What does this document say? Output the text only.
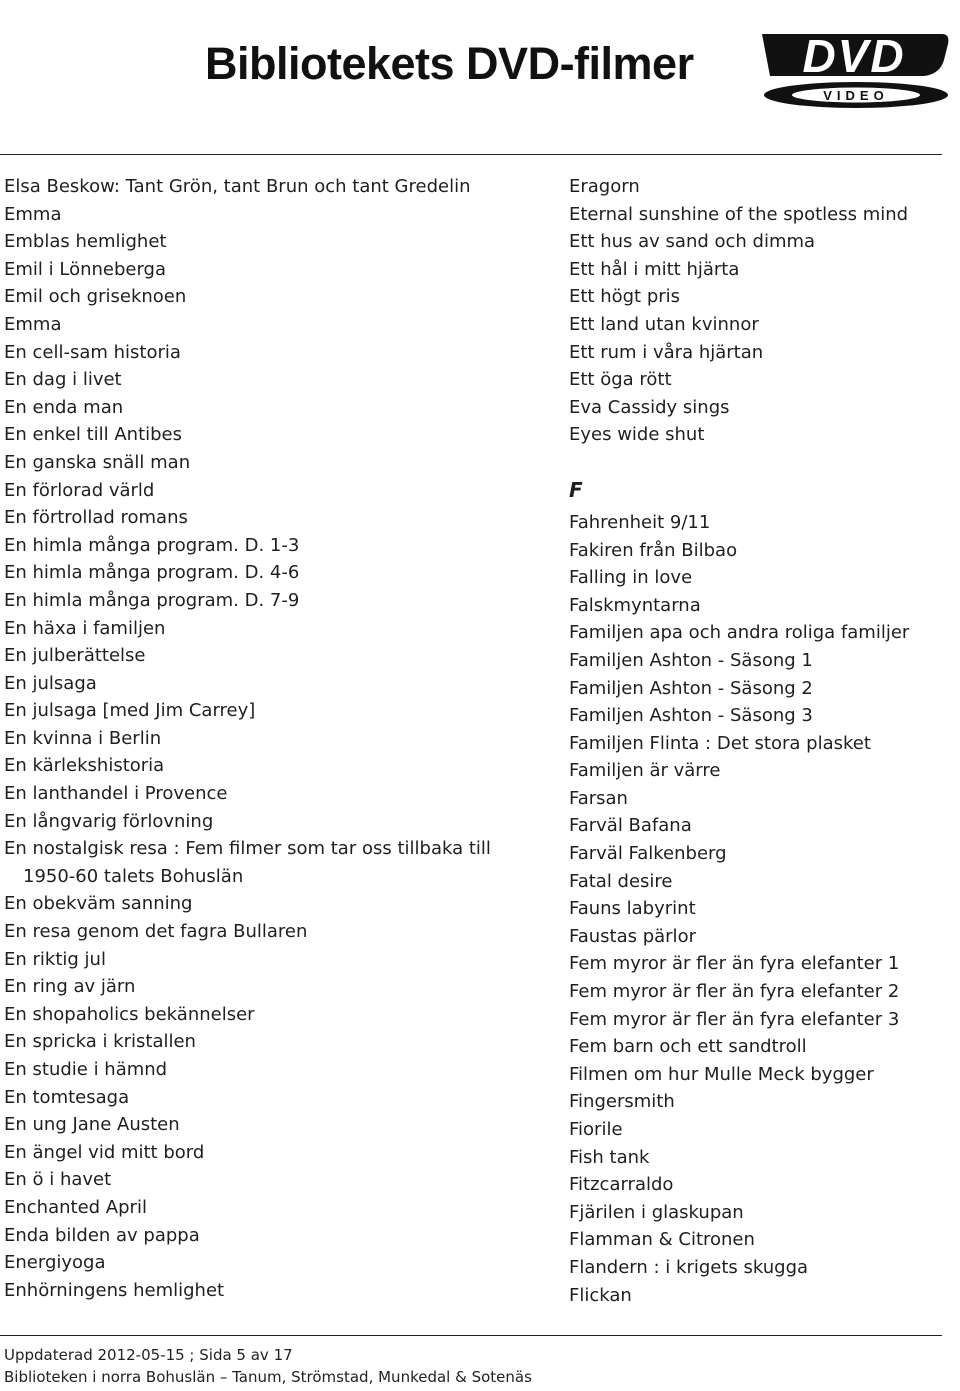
Bibliotekets DVD-filmer DVD
VIDEO
Elsa Beskow: Tant Grön, tant Brun och tant Gredelin
Emma
Emblas hemlighet
Emil i Lönneberga
Emil och griseknoen
Emma
En cell-sam historia
En dag i livet
En enda man
En enkel till Antibes
En ganska snäll man
En förlorad värld
En förtrollad romans
En himla många program. D. 1-3
En himla många program. D. 4-6
En himla många program. D. 7-9
En häxa i familjen
En julberättelse
En julsaga
En julsaga [med Jim Carrey]
En kvinna i Berlin
En kärlekshistoria
En lanthandel i Provence
En långvarig förlovning
En nostalgisk resa : Fem filmer som tar oss tillbaka till
1950-60 talets Bohuslän
En obekväm sanning
En resa genom det fagra Bullaren
En riktig jul
En ring av järn
En shopaholics bekännelser
En spricka i kristallen
En studie i hämnd
En tomtesaga
En ung Jane Austen
En ängel vid mitt bord
En ö i havet
Enchanted April
Enda bilden av pappa
Energiyoga
Enhörningens hemlighet
Eragorn
Eternal sunshine of the spotless mind
Ett hus av sand och dimma
Ett hål i mitt hjärta
Ett högt pris
Ett land utan kvinnor
Ett rum i våra hjärtan
Ett öga rött
Eva Cassidy sings
Eyes wide shut
F
Fahrenheit 9/11
Fakiren från Bilbao
Falling in love
Falskmyntarna
Familjen apa och andra roliga familjer
Familjen Ashton - Säsong 1
Familjen Ashton - Säsong 2
Familjen Ashton - Säsong 3
Familjen Flinta : Det stora plasket
Familjen är värre
Farsan
Farväl Bafana
Farväl Falkenberg
Fatal desire
Fauns labyrint
Faustas pärlor
Fem myror är fler än fyra elefanter 1
Fem myror är fler än fyra elefanter 2
Fem myror är fler än fyra elefanter 3
Fem barn och ett sandtroll
Filmen om hur Mulle Meck bygger
Fingersmith
Fiorile
Fish tank
Fitzcarraldo
Fjärilen i glaskupan
Flamman & Citronen
Flandern : i krigets skugga
Flickan
Uppdaterad 2012-05-15 ; Sida 5 av 17
Biblioteken i norra Bohuslän – Tanum, Strömstad, Munkedal & Sotenäs
